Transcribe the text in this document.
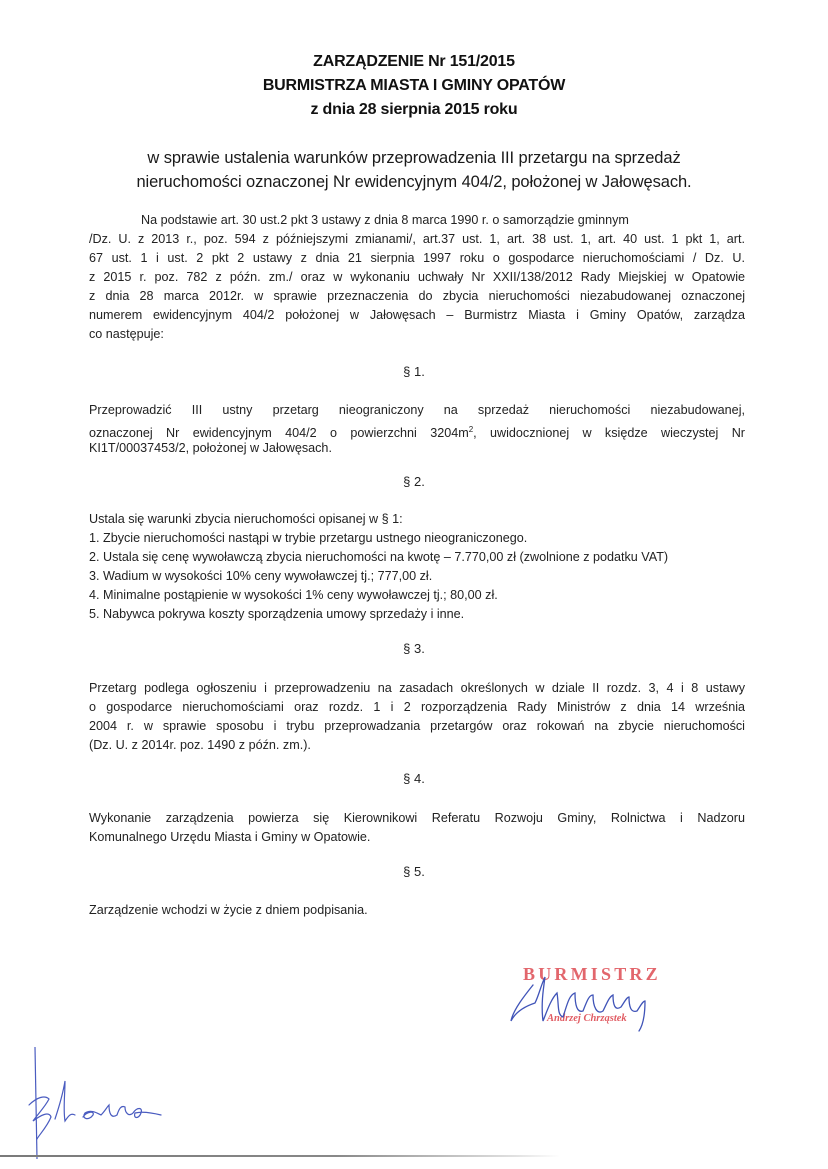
ZARZĄDZENIE Nr 151/2015
BURMISTRZA MIASTA I GMINY OPATÓW
z dnia 28 sierpnia 2015 roku
w sprawie ustalenia warunków przeprowadzenia III przetargu na sprzedaż
nieruchomości oznaczonej Nr ewidencyjnym 404/2, położonej w Jałowęsach.
Na podstawie art. 30 ust.2 pkt 3 ustawy z dnia 8 marca 1990 r. o samorządzie gminnym
/Dz. U. z 2013 r., poz. 594 z późniejszymi zmianami/, art.37 ust. 1, art. 38 ust. 1, art. 40 ust. 1 pkt 1, art.
67 ust. 1 i ust. 2 pkt 2 ustawy z dnia 21 sierpnia 1997 roku o gospodarce nieruchomościami / Dz. U.
z 2015 r. poz. 782 z późn. zm./ oraz w wykonaniu uchwały Nr XXII/138/2012 Rady Miejskiej w Opatowie
z dnia 28 marca 2012r. w sprawie przeznaczenia do zbycia nieruchomości niezabudowanej oznaczonej
numerem ewidencyjnym 404/2 położonej w Jałowęsach – Burmistrz Miasta i Gminy Opatów, zarządza
co następuje:
§ 1.
Przeprowadzić III ustny przetarg nieograniczony na sprzedaż nieruchomości niezabudowanej,
oznaczonej Nr ewidencyjnym 404/2 o powierzchni $3204m^2$, uwidocznionej w księdze wieczystej Nr
KI1T/00037453/2, położonej w Jałowęsach.
§ 2.
Ustala się warunki zbycia nieruchomości opisanej w § 1:
1. Zbycie nieruchomości nastąpi w trybie przetargu ustnego nieograniczonego.
2. Ustala się cenę wywoławczą zbycia nieruchomości na kwotę – 7.770,00 zł (zwolnione z podatku VAT)
3. Wadium w wysokości 10% ceny wywoławczej tj.; 777,00 zł.
4. Minimalne postąpienie w wysokości 1% ceny wywoławczej tj.; 80,00 zł.
5. Nabywca pokrywa koszty sporządzenia umowy sprzedaży i inne.
§ 3.
Przetarg podlega ogłoszeniu i przeprowadzeniu na zasadach określonych w dziale II rozdz. 3, 4 i 8 ustawy
o gospodarce nieruchomościami oraz rozdz. 1 i 2 rozporządzenia Rady Ministrów z dnia 14 września
2004 r. w sprawie sposobu i trybu przeprowadzania przetargów oraz rokowań na zbycie nieruchomości
(Dz. U. z 2014r. poz. 1490 z późn. zm.).
§ 4.
Wykonanie zarządzenia powierza się Kierownikowi Referatu Rozwoju Gminy, Rolnictwa i Nadzoru
Komunalnego Urzędu Miasta i Gminy w Opatowie.
§ 5.
Zarządzenie wchodzi w życie z dniem podpisania.
BURMISTRZ
Andrzej Chrząstek
